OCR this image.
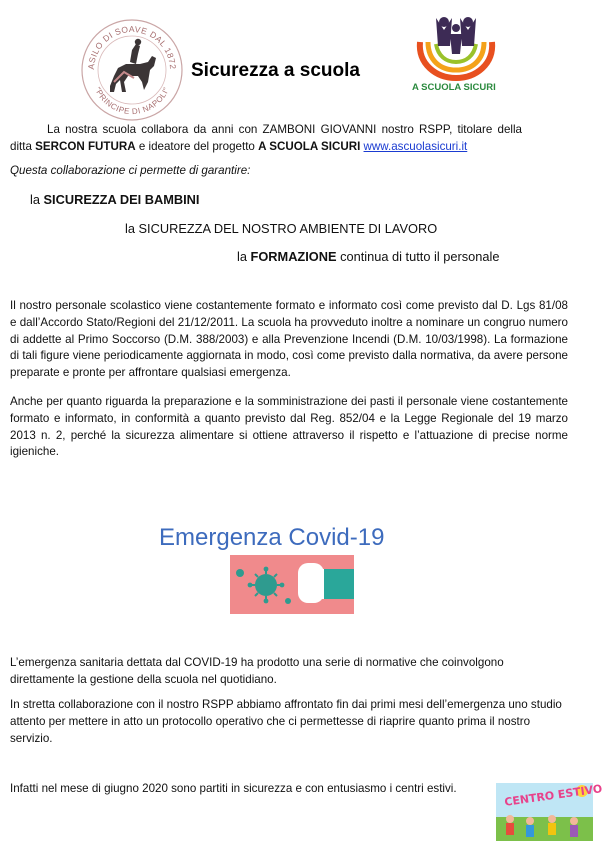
ASILO DI SOAVE DAL 1872
"PRINCIPE DI NAPOLI"
Sicurezza a scuola
A SCUOLA SICURI

La nostra scuola collabora da anni con ZAMBONI GIOVANNI nostro RSPP, titolare della ditta SERCON FUTURA e ideatore del progetto A SCUOLA SICURI www.ascuolasicuri.it

Questa collaborazione ci permette di garantire:

la SICUREZZA DEI BAMBINI
la SICUREZZA DEL NOSTRO AMBIENTE DI LAVORO
la FORMAZIONE continua di tutto il personale

Il nostro personale scolastico viene costantemente formato e informato così come previsto dal D. Lgs 81/08 e dall’Accordo Stato/Regioni del 21/12/2011. La scuola ha provveduto inoltre a nominare un congruo numero di addette al Primo Soccorso (D.M. 388/2003) e alla Prevenzione Incendi (D.M. 10/03/1998). La formazione di tali figure viene periodicamente aggiornata in modo, così come previsto dalla normativa, da avere persone preparate e pronte per affrontare qualsiasi emergenza.

Anche per quanto riguarda la preparazione e la somministrazione dei pasti il personale viene costantemente formato e informato, in conformità a quanto previsto dal Reg. 852/04 e la Legge Regionale del 19 marzo 2013 n. 2, perché la sicurezza alimentare si ottiene attraverso il rispetto e l’attuazione di precise norme igieniche.

Emergenza Covid-19

L’emergenza sanitaria dettata dal COVID-19 ha prodotto una serie di normative che coinvolgono direttamente la gestione della scuola nel quotidiano.

In stretta collaborazione con il nostro RSPP abbiamo affrontato fin dai primi mesi dell’emergenza uno studio attento per mettere in atto un protocollo operativo che ci permettesse di riaprire quanto prima il nostro servizio.

Infatti nel mese di giugno 2020 sono partiti in sicurezza e con entusiasmo i centri estivi.	CENTRO ESTIVO
